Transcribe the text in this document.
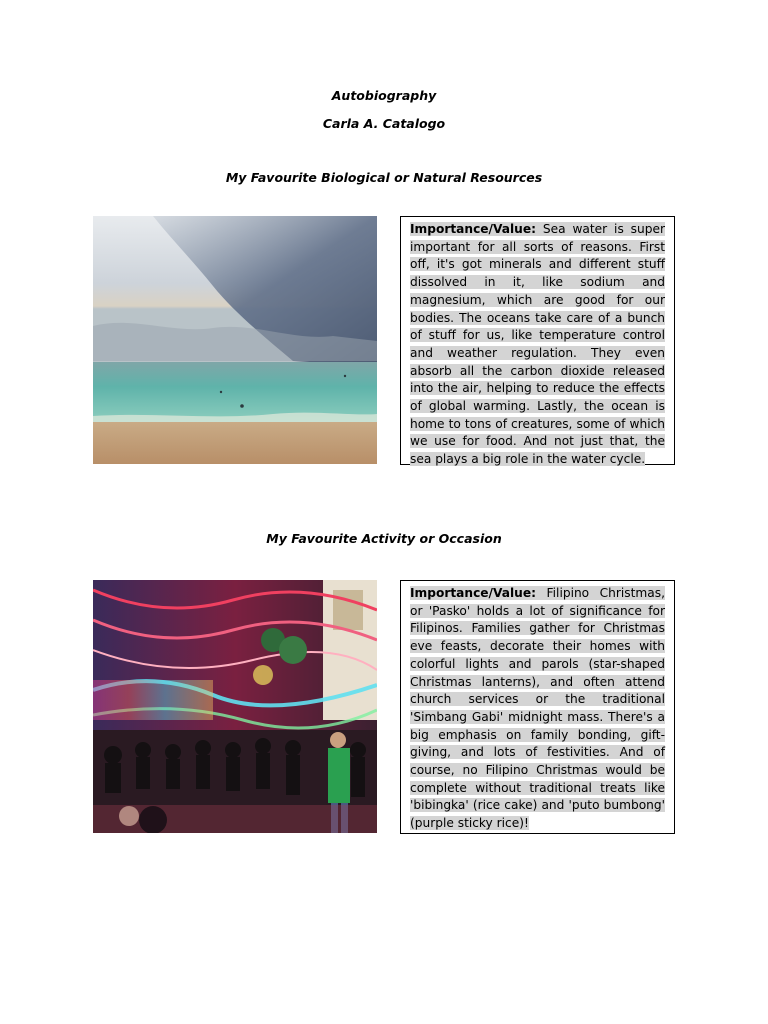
Autobiography

Carla A. Catalogo

My Favourite Biological or Natural Resources

Importance/Value: Sea water is super important for all sorts of reasons. First off, it's got minerals and different stuff dissolved in it, like sodium and magnesium, which are good for our bodies. The oceans take care of a bunch of stuff for us, like temperature control and weather regulation. They even absorb all the carbon dioxide released into the air, helping to reduce the effects of global warming. Lastly, the ocean is home to tons of creatures, some of which we use for food. And not just that, the sea plays a big role in the water cycle.

My Favourite Activity or Occasion

Importance/Value: Filipino Christmas, or 'Pasko' holds a lot of significance for Filipinos. Families gather for Christmas eve feasts, decorate their homes with colorful lights and parols (star-shaped Christmas lanterns), and often attend church services or the traditional 'Simbang Gabi' midnight mass. There's a big emphasis on family bonding, gift-giving, and lots of festivities. And of course, no Filipino Christmas would be complete without traditional treats like 'bibingka' (rice cake) and 'puto bumbong' (purple sticky rice)!
